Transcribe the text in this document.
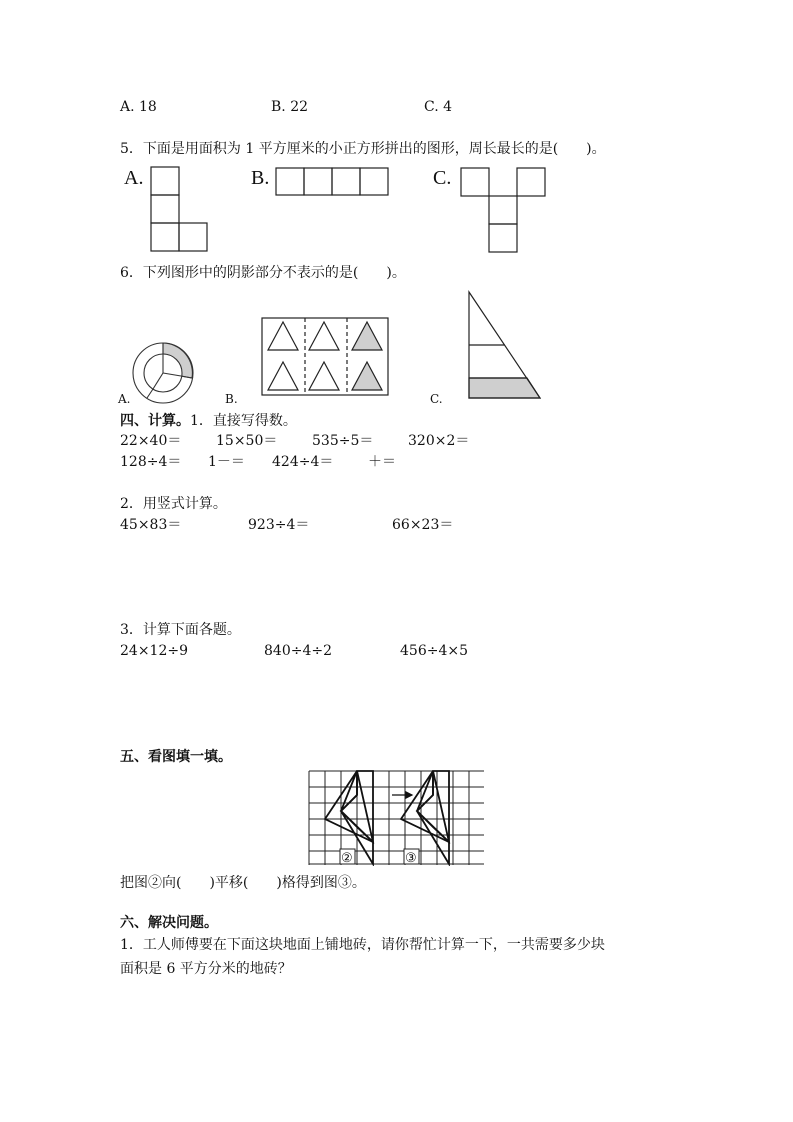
A. 18	B. 22	C. 4
5．下面是用面积为 1 平方厘米的小正方形拼出的图形，周长最长的是(　　)。
A.	B.	C.
6．下列图形中的阴影部分不表示的是(　　)。
A.	B.	C.
四、计算。1．直接写得数。
22×40＝ 15×50＝ 535÷5＝ 320×2＝
128÷4＝ 1－＝ 424÷4＝ ＋＝
2．用竖式计算。
45×83＝	923÷4＝	66×23＝
3．计算下面各题。
24×12÷9	840÷4÷2	456÷4×5
五、看图填一填。
②	③
把图②向(　　)平移(　　)格得到图③。
六、解决问题。
1．工人师傅要在下面这块地面上铺地砖，请你帮忙计算一下，一共需要多少块
面积是 6 平方分米的地砖？
